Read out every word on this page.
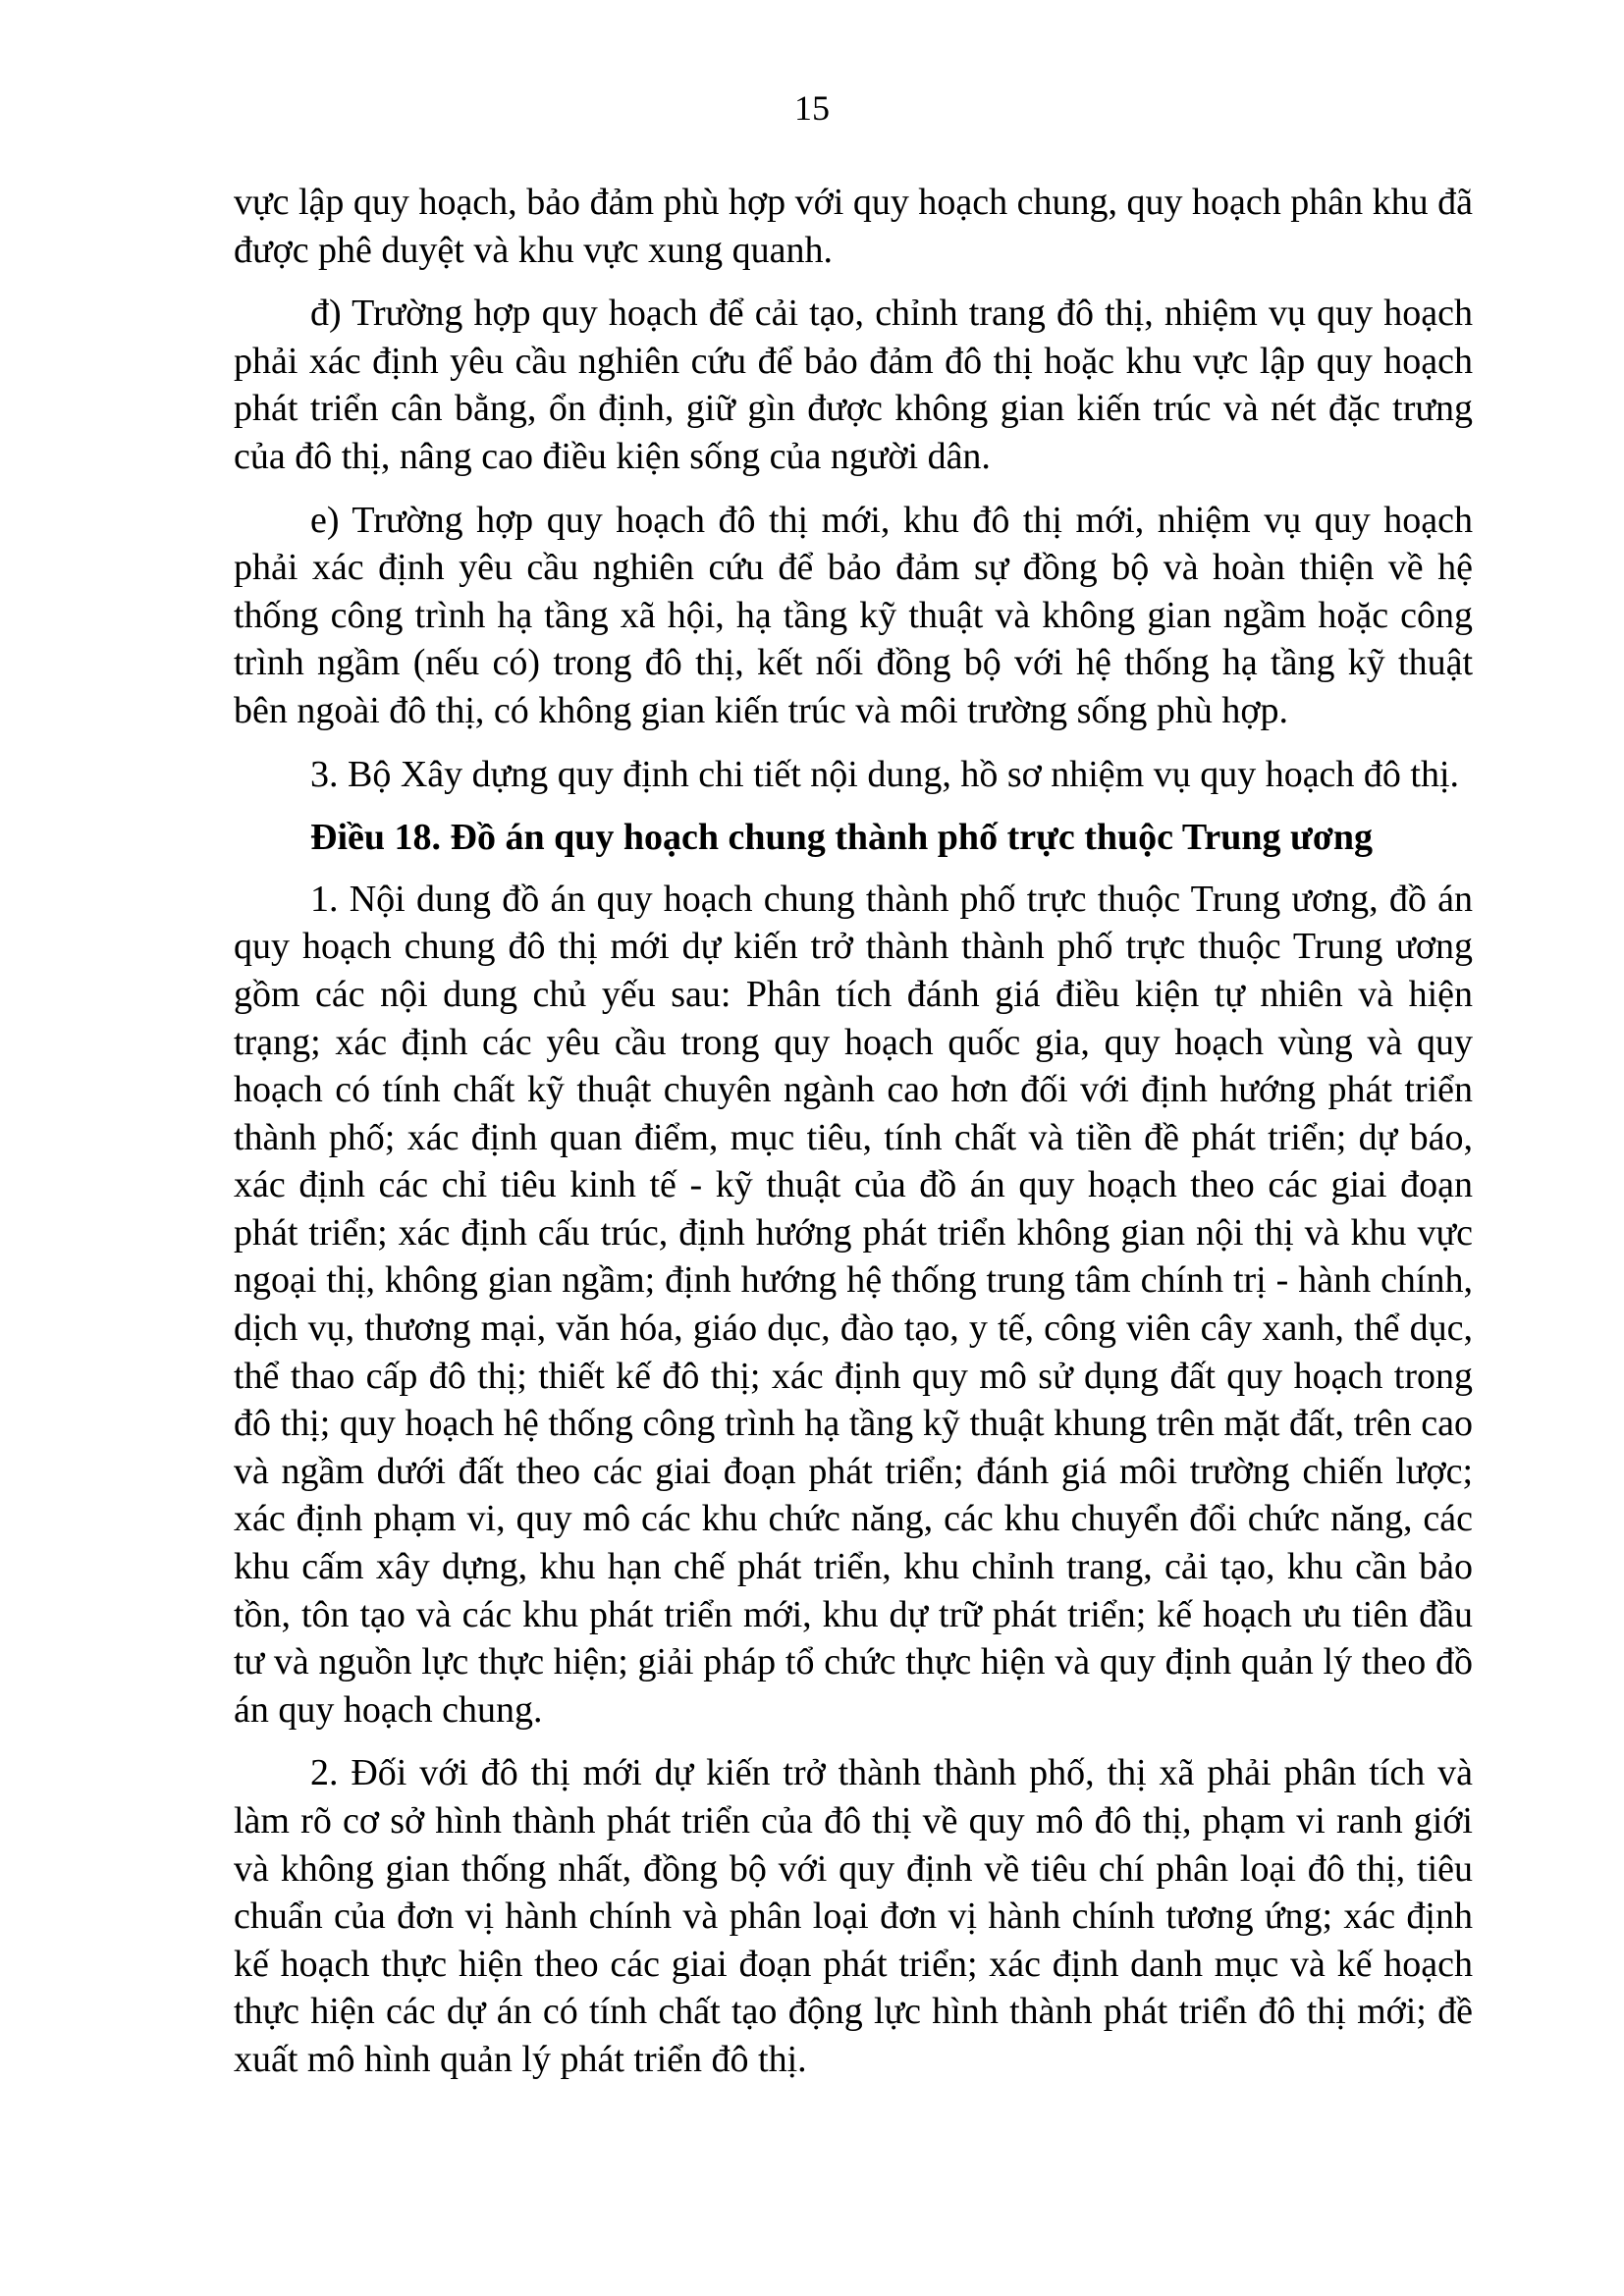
15

vực lập quy hoạch, bảo đảm phù hợp với quy hoạch chung, quy hoạch phân khu đã được phê duyệt và khu vực xung quanh.

đ) Trường hợp quy hoạch để cải tạo, chỉnh trang đô thị, nhiệm vụ quy hoạch phải xác định yêu cầu nghiên cứu để bảo đảm đô thị hoặc khu vực lập quy hoạch phát triển cân bằng, ổn định, giữ gìn được không gian kiến trúc và nét đặc trưng của đô thị, nâng cao điều kiện sống của người dân.

e) Trường hợp quy hoạch đô thị mới, khu đô thị mới, nhiệm vụ quy hoạch phải xác định yêu cầu nghiên cứu để bảo đảm sự đồng bộ và hoàn thiện về hệ thống công trình hạ tầng xã hội, hạ tầng kỹ thuật và không gian ngầm hoặc công trình ngầm (nếu có) trong đô thị, kết nối đồng bộ với hệ thống hạ tầng kỹ thuật bên ngoài đô thị, có không gian kiến trúc và môi trường sống phù hợp.

3. Bộ Xây dựng quy định chi tiết nội dung, hồ sơ nhiệm vụ quy hoạch đô thị.

Điều 18. Đồ án quy hoạch chung thành phố trực thuộc Trung ương

1. Nội dung đồ án quy hoạch chung thành phố trực thuộc Trung ương, đồ án quy hoạch chung đô thị mới dự kiến trở thành thành phố trực thuộc Trung ương gồm các nội dung chủ yếu sau: Phân tích đánh giá điều kiện tự nhiên và hiện trạng; xác định các yêu cầu trong quy hoạch quốc gia, quy hoạch vùng và quy hoạch có tính chất kỹ thuật chuyên ngành cao hơn đối với định hướng phát triển thành phố; xác định quan điểm, mục tiêu, tính chất và tiền đề phát triển; dự báo, xác định các chỉ tiêu kinh tế - kỹ thuật của đồ án quy hoạch theo các giai đoạn phát triển; xác định cấu trúc, định hướng phát triển không gian nội thị và khu vực ngoại thị, không gian ngầm; định hướng hệ thống trung tâm chính trị - hành chính, dịch vụ, thương mại, văn hóa, giáo dục, đào tạo, y tế, công viên cây xanh, thể dục, thể thao cấp đô thị; thiết kế đô thị; xác định quy mô sử dụng đất quy hoạch trong đô thị; quy hoạch hệ thống công trình hạ tầng kỹ thuật khung trên mặt đất, trên cao và ngầm dưới đất theo các giai đoạn phát triển; đánh giá môi trường chiến lược; xác định phạm vi, quy mô các khu chức năng, các khu chuyển đổi chức năng, các khu cấm xây dựng, khu hạn chế phát triển, khu chỉnh trang, cải tạo, khu cần bảo tồn, tôn tạo và các khu phát triển mới, khu dự trữ phát triển; kế hoạch ưu tiên đầu tư và nguồn lực thực hiện; giải pháp tổ chức thực hiện và quy định quản lý theo đồ án quy hoạch chung.

2. Đối với đô thị mới dự kiến trở thành thành phố, thị xã phải phân tích và làm rõ cơ sở hình thành phát triển của đô thị về quy mô đô thị, phạm vi ranh giới và không gian thống nhất, đồng bộ với quy định về tiêu chí phân loại đô thị, tiêu chuẩn của đơn vị hành chính và phân loại đơn vị hành chính tương ứng; xác định kế hoạch thực hiện theo các giai đoạn phát triển; xác định danh mục và kế hoạch thực hiện các dự án có tính chất tạo động lực hình thành phát triển đô thị mới; đề xuất mô hình quản lý phát triển đô thị.
